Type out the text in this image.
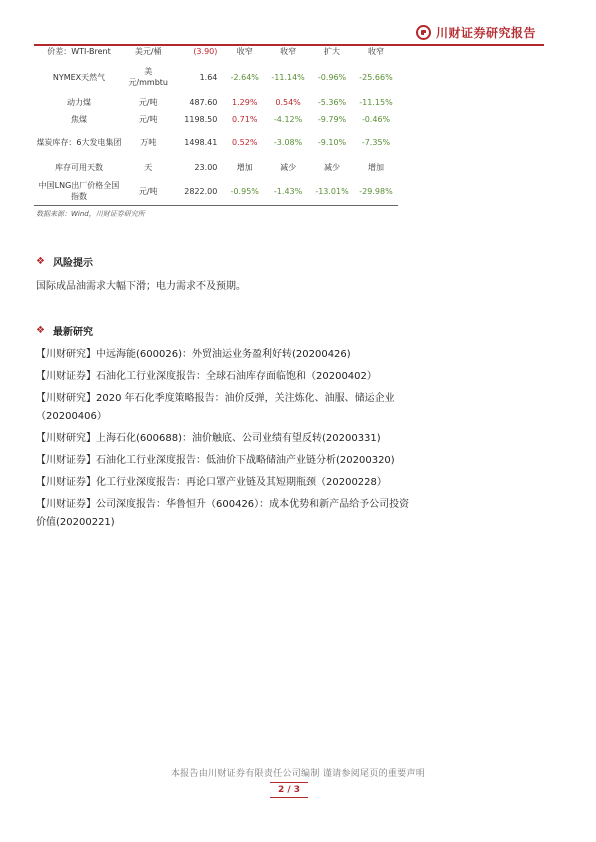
川财证券研究报告
价差：WTI-Brent	美元/桶	(3.90)	收窄	收窄	扩大	收窄
NYMEX天然气	美元/mmbtu	1.64	-2.64%	-11.14%	-0.96%	-25.66%
动力煤	元/吨	487.60	1.29%	0.54%	-5.36%	-11.15%
焦煤	元/吨	1198.50	0.71%	-4.12%	-9.79%	-0.46%
煤炭库存：6大发电集团	万吨	1498.41	0.52%	-3.08%	-9.10%	-7.35%
库存可用天数	天	23.00	增加	减少	减少	增加
中国LNG出厂价格全国指数	元/吨	2822.00	-0.95%	-1.43%	-13.01%	-29.98%
数据来源：Wind，川财证券研究所
❖ 风险提示
国际成品油需求大幅下滑；电力需求不及预期。
❖ 最新研究
【川财研究】中远海能(600026)：外贸油运业务盈利好转(20200426)
【川财证券】石油化工行业深度报告：全球石油库存面临饱和（20200402）
【川财研究】2020 年石化季度策略报告：油价反弹，关注炼化、油服、储运企业（20200406）
【川财研究】上海石化(600688)：油价触底、公司业绩有望反转(20200331)
【川财证券】石油化工行业深度报告：低油价下战略储油产业链分析(20200320)
【川财证券】化工行业深度报告：再论口罩产业链及其短期瓶颈（20200228）
【川财证券】公司深度报告：华鲁恒升（600426）：成本优势和新产品给予公司投资价值(20200221)
本报告由川财证券有限责任公司编制 谨请参阅尾页的重要声明
2 / 3
